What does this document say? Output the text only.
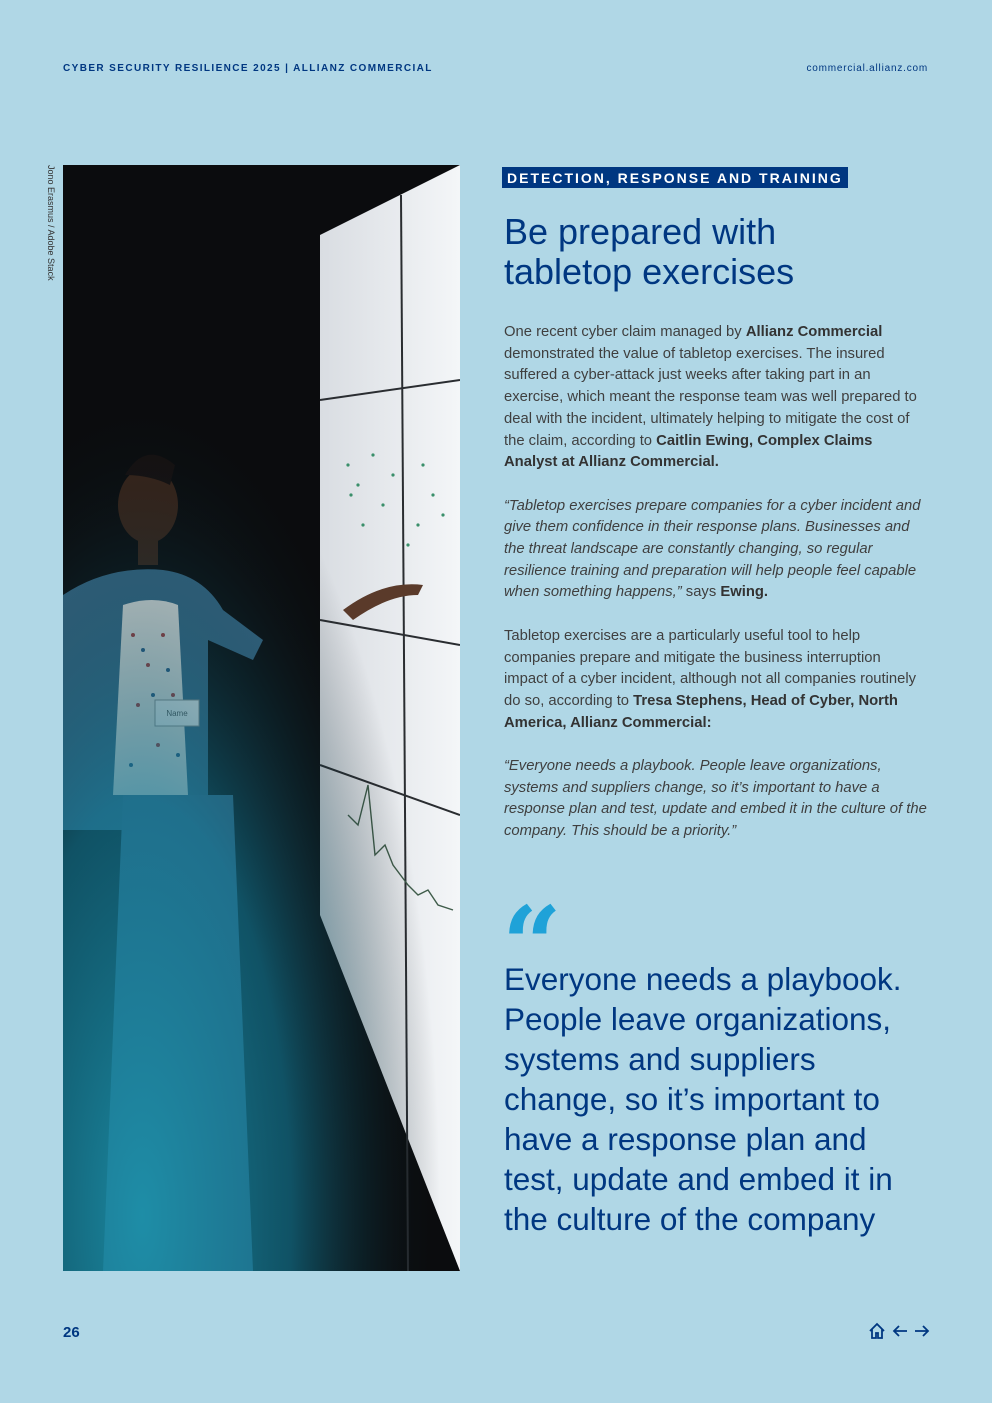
CYBER SECURITY RESILIENCE 2025 | ALLIANZ COMMERCIAL	commercial.allianz.com
Jono Erasmus / Adobe Stack	DETECTION, RESPONSE AND TRAINING
Be prepared with
tabletop exercises

One recent cyber claim managed by Allianz Commercial demonstrated the value of tabletop exercises. The insured suffered a cyber-attack just weeks after taking part in an exercise, which meant the response team was well prepared to deal with the incident, ultimately helping to mitigate the cost of the claim, according to Caitlin Ewing, Complex Claims Analyst at Allianz Commercial.

“Tabletop exercises prepare companies for a cyber incident and give them confidence in their response plans. Businesses and the threat landscape are constantly changing, so regular resilience training and preparation will help people feel capable when something happens,” says Ewing.

Tabletop exercises are a particularly useful tool to help companies prepare and mitigate the business interruption impact of a cyber incident, although not all companies routinely do so, according to Tresa Stephens, Head of Cyber, North America, Allianz Commercial:

“Everyone needs a playbook. People leave organizations, systems and suppliers change, so it’s important to have a response plan and test, update and embed it in the culture of the company. This should be a priority.”

“

Everyone needs a playbook. People leave organizations, systems and suppliers change, so it’s important to have a response plan and test, update and embed it in the culture of the company

26
